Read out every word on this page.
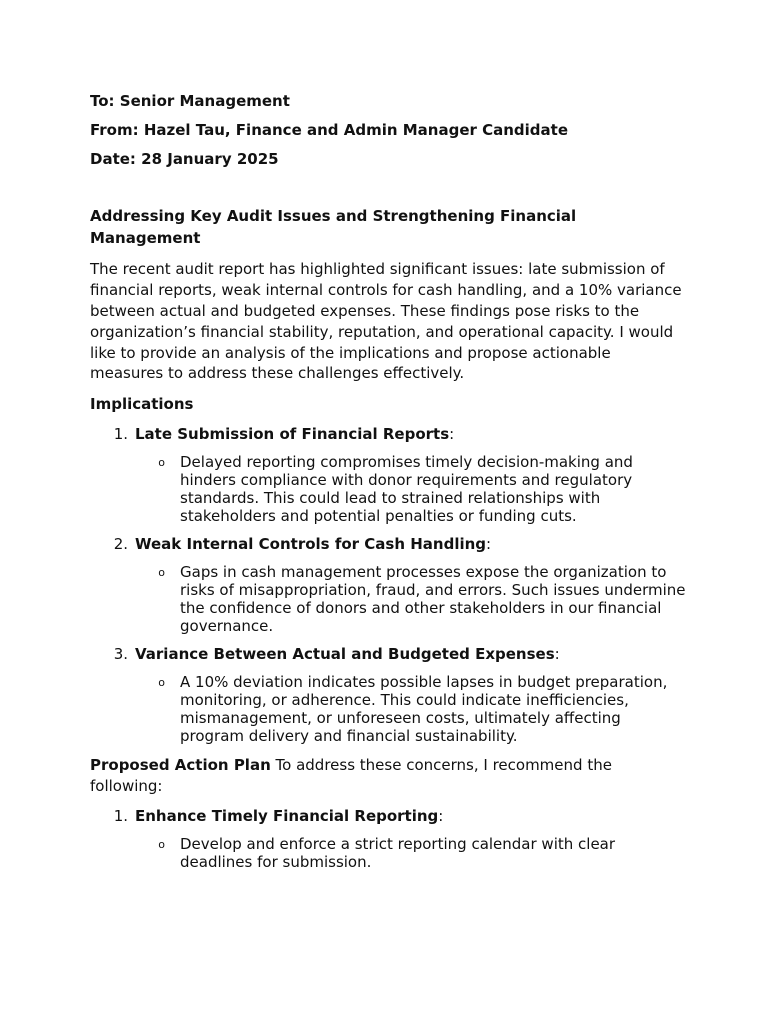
To: Senior Management

From: Hazel Tau, Finance and Admin Manager Candidate

Date: 28 January 2025

Addressing Key Audit Issues and Strengthening Financial Management

The recent audit report has highlighted significant issues: late submission of financial reports, weak internal controls for cash handling, and a 10% variance between actual and budgeted expenses. These findings pose risks to the organization’s financial stability, reputation, and operational capacity. I would like to provide an analysis of the implications and propose actionable measures to address these challenges effectively.

Implications

1. Late Submission of Financial Reports:
o	Delayed reporting compromises timely decision-making and hinders compliance with donor requirements and regulatory standards. This could lead to strained relationships with stakeholders and potential penalties or funding cuts.
2. Weak Internal Controls for Cash Handling:
o	Gaps in cash management processes expose the organization to risks of misappropriation, fraud, and errors. Such issues undermine the confidence of donors and other stakeholders in our financial governance.
3. Variance Between Actual and Budgeted Expenses:
o	A 10% deviation indicates possible lapses in budget preparation, monitoring, or adherence. This could indicate inefficiencies, mismanagement, or unforeseen costs, ultimately affecting program delivery and financial sustainability.

Proposed Action Plan To address these concerns, I recommend the following:

1. Enhance Timely Financial Reporting:
o	Develop and enforce a strict reporting calendar with clear deadlines for submission.
